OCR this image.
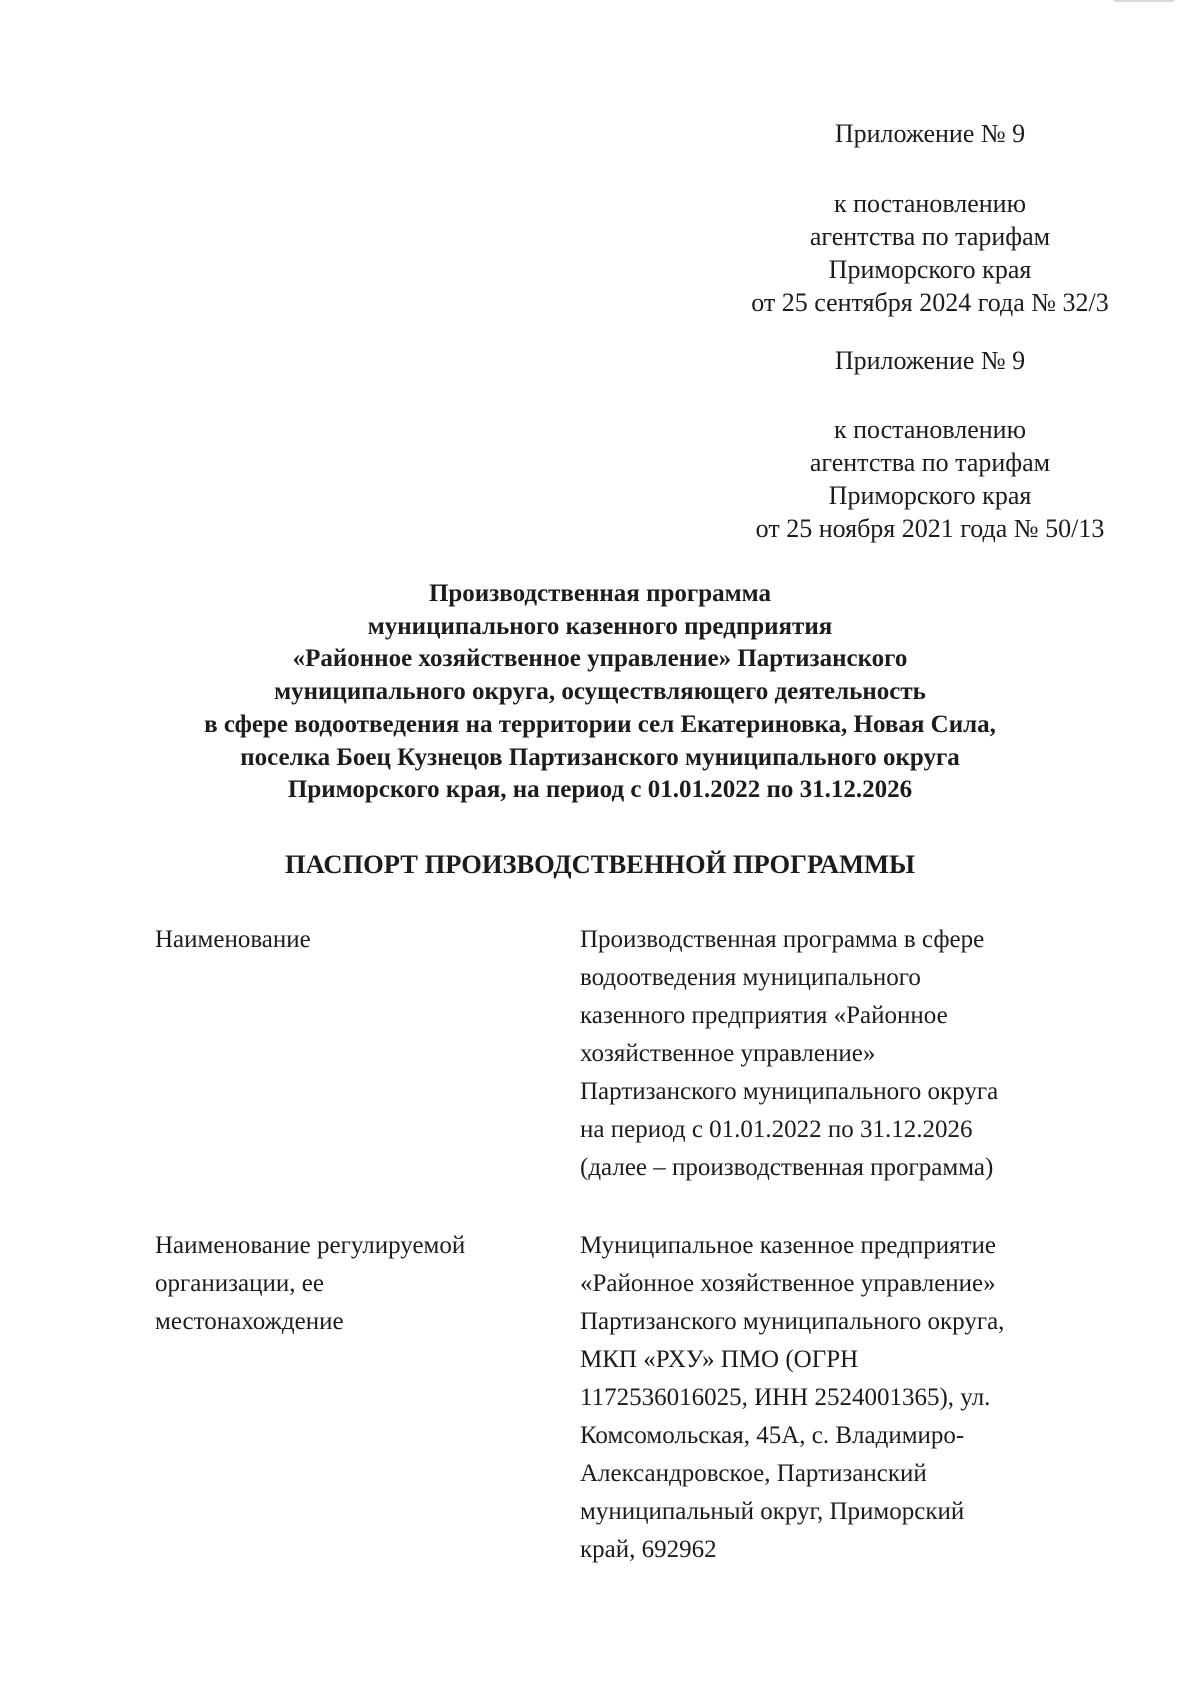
Приложение № 9
к постановлению
агентства по тарифам
Приморского края
от 25 сентября 2024 года № 32/3
Приложение № 9
к постановлению
агентства по тарифам
Приморского края
от 25 ноября 2021 года № 50/13
Производственная программа
муниципального казенного предприятия
«Районное хозяйственное управление» Партизанского
муниципального округа, осуществляющего деятельность
в сфере водоотведения на территории сел Екатериновка, Новая Сила,
поселка Боец Кузнецов Партизанского муниципального округа
Приморского края, на период с 01.01.2022 по 31.12.2026
ПАСПОРТ ПРОИЗВОДСТВЕННОЙ ПРОГРАММЫ
Наименование	Производственная программа в сфере
водоотведения муниципального
казенного предприятия «Районное
хозяйственное управление»
Партизанского муниципального округа
на период с 01.01.2022 по 31.12.2026
(далее – производственная программа)
Наименование регулируемой
организации, ее
местонахождение
Муниципальное казенное предприятие
«Районное хозяйственное управление»
Партизанского муниципального округа,
МКП «РХУ» ПМО (ОГРН
1172536016025, ИНН 2524001365), ул.
Комсомольская, 45А, с. Владимиро-
Александровское, Партизанский
муниципальный округ, Приморский
край, 692962
